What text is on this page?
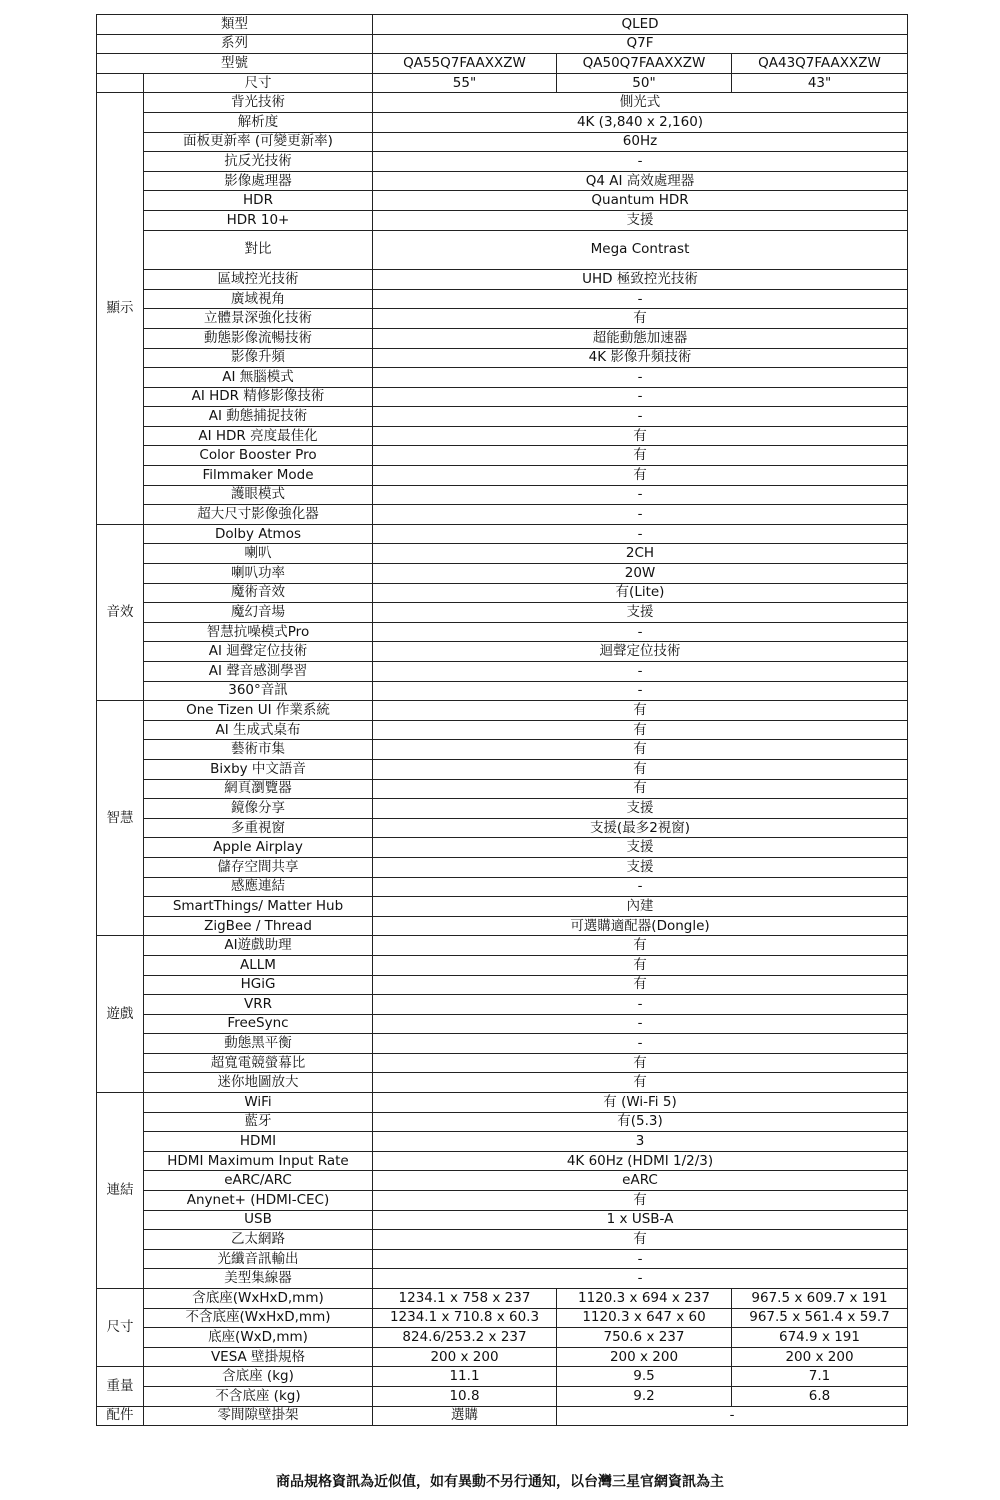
類型		QLED		
系列		Q7F		
型號		QA55Q7FAAXXZW	QA50Q7FAAXXZW	QA43Q7FAAXXZW
	尺寸	55"	50"	43"
顯示	背光技術	側光式		
	解析度	4K (3,840 x 2,160)		
	面板更新率 (可變更新率)	60Hz		
	抗反光技術	-		
	影像處理器	Q4 AI 高效處理器		
	HDR	Quantum HDR		
	HDR 10+	支援		
	對比	Mega Contrast		
	區域控光技術	UHD 極致控光技術		
	廣域視角	-		
	立體景深強化技術	有		
	動態影像流暢技術	超能動態加速器		
	影像升頻	4K 影像升頻技術		
	AI 無腦模式	-		
	AI HDR 精修影像技術	-		
	AI 動態捕捉技術	-		
	AI HDR 亮度最佳化	有		
	Color Booster Pro	有		
	Filmmaker Mode	有		
	護眼模式	-		
	超大尺寸影像強化器	-		
音效	Dolby Atmos	-		
	喇叭	2CH		
	喇叭功率	20W		
	魔術音效	有(Lite)		
	魔幻音場	支援		
	智慧抗噪模式Pro	-		
	AI 迴聲定位技術	迴聲定位技術		
	AI 聲音感測學習	-		
	360°音訊	-		
智慧	One Tizen UI 作業系統	有		
	AI 生成式桌布	有		
	藝術市集	有		
	Bixby 中文語音	有		
	網頁瀏覽器	有		
	鏡像分享	支援		
	多重視窗	支援(最多2視窗)		
	Apple Airplay	支援		
	儲存空間共享	支援		
	感應連結	-		
	SmartThings/ Matter Hub	內建		
	ZigBee / Thread	可選購適配器(Dongle)		
遊戲	AI遊戲助理	有		
	ALLM	有		
	HGiG	有		
	VRR	-		
	FreeSync	-		
	動態黑平衡	-		
	超寬電競螢幕比	有		
	迷你地圖放大	有		
連結	WiFi	有 (Wi-Fi 5)		
	藍牙	有(5.3)		
	HDMI	3		
	HDMI Maximum Input Rate	4K 60Hz (HDMI 1/2/3)		
	eARC/ARC	eARC		
	Anynet+ (HDMI-CEC)	有		
	USB	1 x USB-A		
	乙太網路	有		
	光纖音訊輸出	-		
	美型集線器	-		
尺寸	含底座(WxHxD,mm)	1234.1 x 758 x 237	1120.3 x 694 x 237	967.5 x 609.7 x 191
	不含底座(WxHxD,mm)	1234.1 x 710.8 x 60.3	1120.3 x 647 x 60	967.5 x 561.4 x 59.7
	底座(WxD,mm)	824.6/253.2 x 237	750.6 x 237	674.9 x 191
	VESA 壁掛規格	200 x 200	200 x 200	200 x 200
重量	含底座 (kg)	11.1	9.5	7.1
	不含底座 (kg)	10.8	9.2	6.8
配件	零間隙壁掛架	選購	-	
商品規格資訊為近似值，如有異動不另行通知，以台灣三星官網資訊為主
